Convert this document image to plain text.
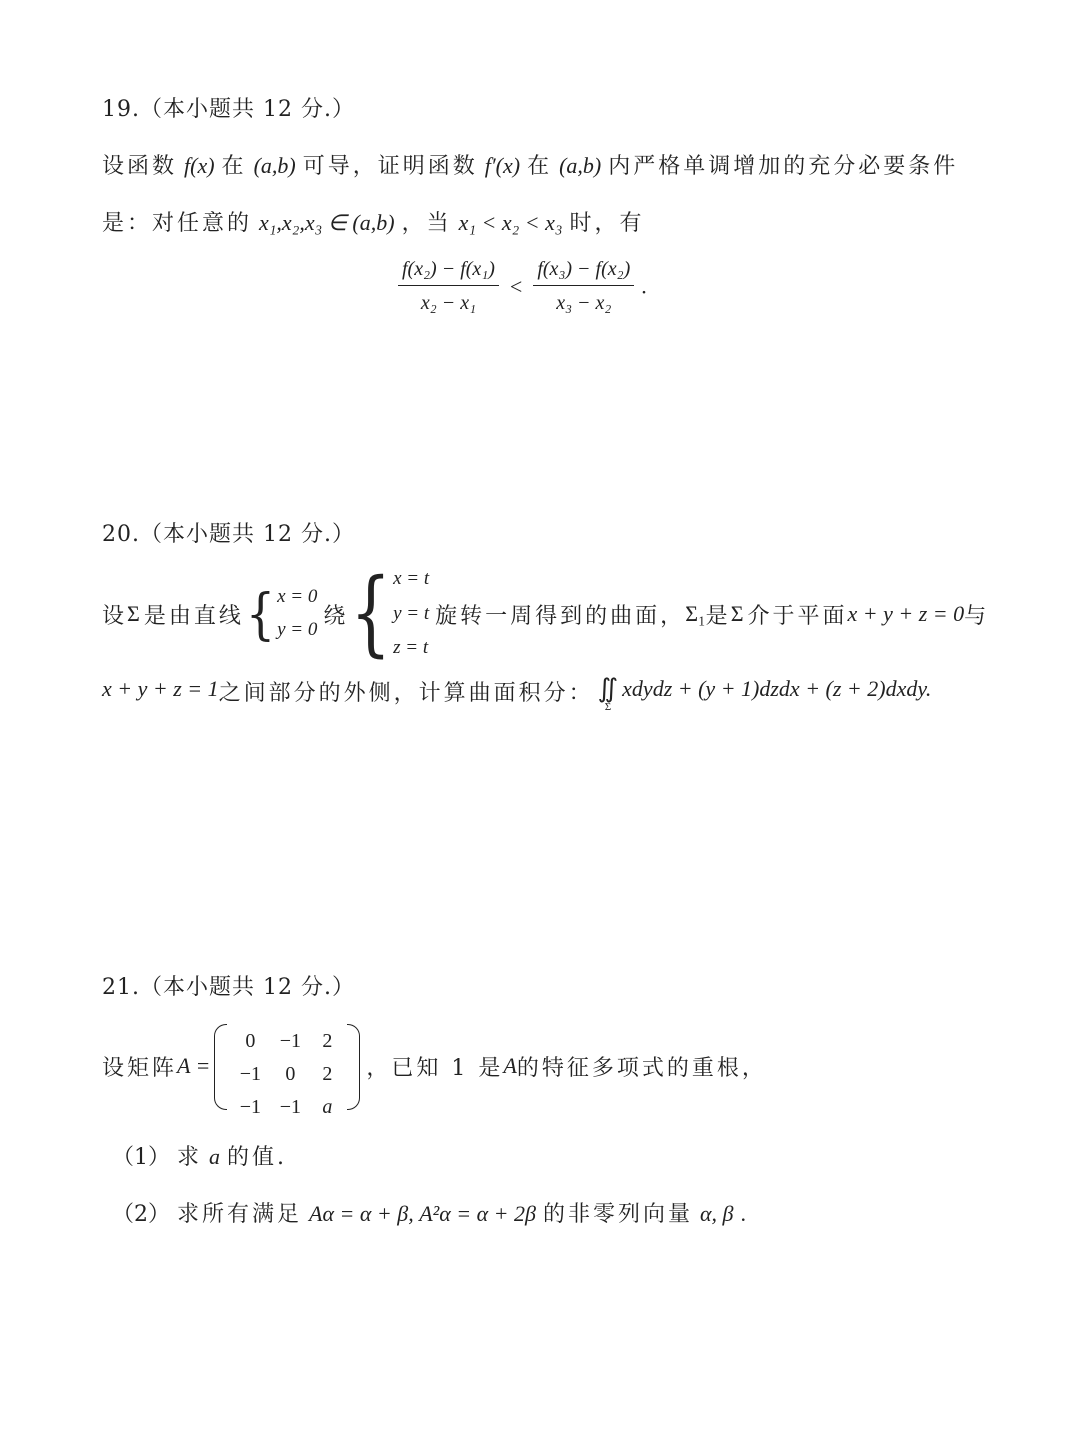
19.（本小题共 12 分.）
设函数 f(x) 在 (a,b) 可导，证明函数 f′(x) 在 (a,b) 内严格单调增加的充分必要条件
是：对任意的 x₁,x₂,x₃ ∈ (a,b) ，当 x₁ < x₂ < x₃ 时，有
$\frac{\text{f(x₂) − f(x₁)}}{\text{x₂ − x₁}} < \frac{\text{f(x₃) − f(x₂)}}{\text{x₃ − x₂}}$ .
20.（本小题共 12 分.）
设 Σ 是由直线 { x = 0
y = 0
绕 { x = t
y = t
z = t
旋转一周得到的曲面， Σ₁ 是 Σ 介于平面 x + y + z = 0 与
x + y + z = 1 之间部分的外侧，计算曲面积分： ∬
Σ
xdydz + (y + 1)dzdx + (z + 2)dxdy.
21.（本小题共 12 分.）
设矩阵 A =
0	−1	2
−1	0	2
−1 −1	a
，已知 1 是 A 的特征多项式的重根，
（1） 求 a 的值.
（2） 求所有满足 Aα = α + β, A²α = α + 2β 的非零列向量 α, β .
